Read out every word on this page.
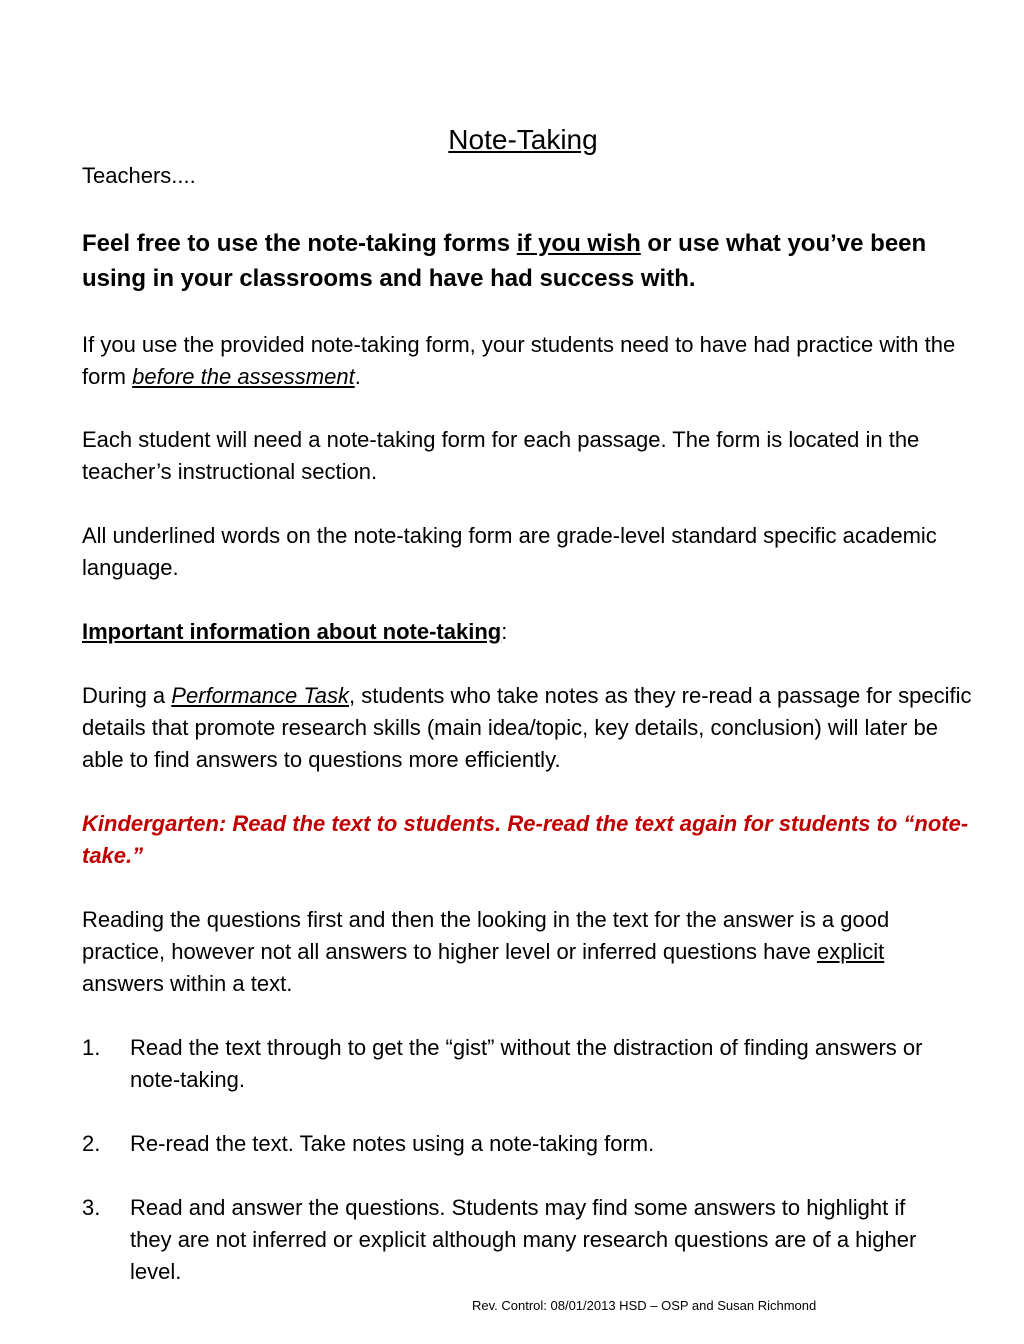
Note-Taking

Teachers....

Feel free to use the note-taking forms if you wish or use what you’ve been using in your classrooms and have had success with.

If you use the provided note-taking form, your students need to have had practice with the form before the assessment.

Each student will need a note-taking form for each passage. The form is located in the teacher’s instructional section.

All underlined words on the note-taking form are grade-level standard specific academic language.

Important information about note-taking:

During a Performance Task, students who take notes as they re-read a passage for specific details that promote research skills (main idea/topic, key details, conclusion) will later be able to find answers to questions more efficiently.

Kindergarten: Read the text to students. Re-read the text again for students to “note-take.”

Reading the questions first and then the looking in the text for the answer is a good practice, however not all answers to higher level or inferred questions have explicit answers within a text.

1.	Read the text through to get the “gist” without the distraction of finding answers or note-taking.
2.	Re-read the text. Take notes using a note-taking form.
3.	Read and answer the questions. Students may find some answers to highlight if they are not inferred or explicit although many research questions are of a higher level.
Rev. Control: 08/01/2013 HSD – OSP and Susan Richmond
